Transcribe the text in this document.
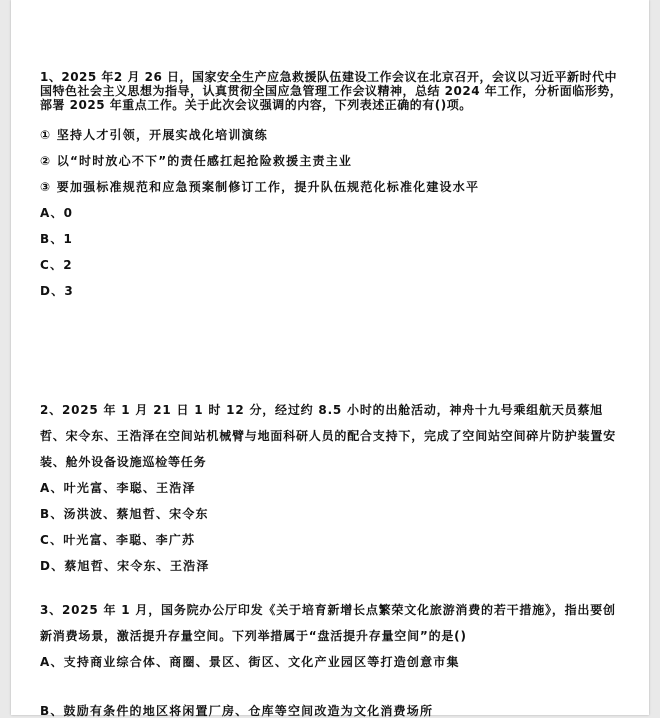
1、2025 年2 月 26 日，国家安全生产应急救援队伍建设工作会议在北京召开，会议以习近平新时代中国特色社会主义思想为指导，认真贯彻全国应急管理工作会议精神，总结 2024 年工作，分析面临形势，部署 2025 年重点工作。关于此次会议强调的内容，下列表述正确的有()项。

① 坚持人才引领，开展实战化培训演练

② 以“时时放心不下”的责任感扛起抢险救援主责主业

③ 要加强标准规范和应急预案制修订工作，提升队伍规范化标准化建设水平

A、0

B、1

C、2

D、3

2、2025 年 1 月 21 日 1 时 12 分，经过约 8.5 小时的出舱活动，神舟十九号乘组航天员蔡旭哲、宋令东、王浩泽在空间站机械臂与地面科研人员的配合支持下，完成了空间站空间碎片防护装置安装、舱外设备设施巡检等任务

A、叶光富、李聪、王浩泽

B、汤洪波、蔡旭哲、宋令东

C、叶光富、李聪、李广苏

D、蔡旭哲、宋令东、王浩泽

3、2025 年 1 月，国务院办公厅印发《关于培育新增长点繁荣文化旅游消费的若干措施》，指出要创新消费场景，激活提升存量空间。下列举措属于“盘活提升存量空间”的是()

A、支持商业综合体、商圈、景区、街区、文化产业园区等打造创意市集

B、鼓励有条件的地区将闲置厂房、仓库等空间改造为文化消费场所
